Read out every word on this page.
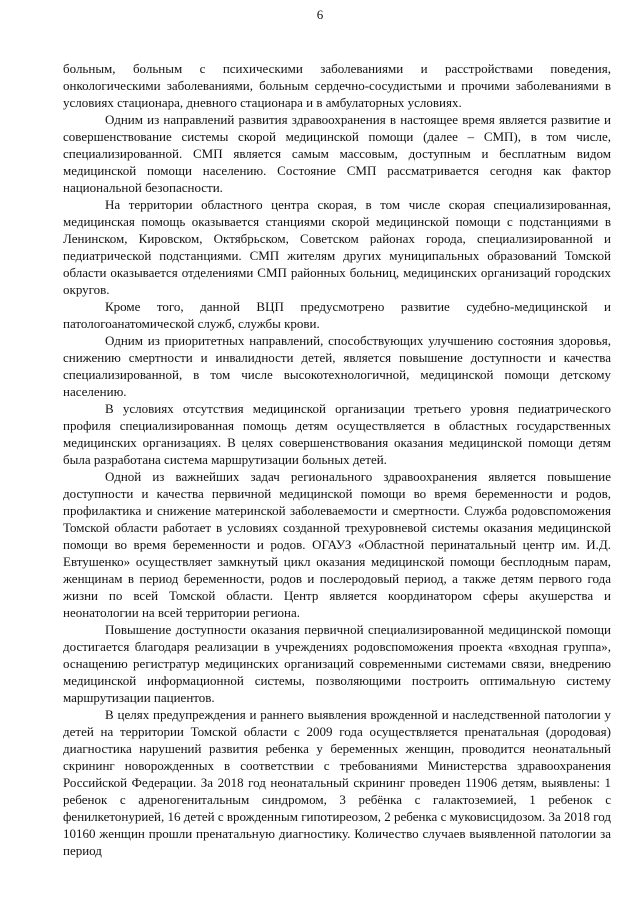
6

больным, больным с психическими заболеваниями и расстройствами поведения, онкологическими заболеваниями, больным сердечно-сосудистыми и прочими заболеваниями в условиях стационара, дневного стационара и в амбулаторных условиях.

Одним из направлений развития здравоохранения в настоящее время является развитие и совершенствование системы скорой медицинской помощи (далее – СМП), в том числе, специализированной. СМП является самым массовым, доступным и бесплатным видом медицинской помощи населению. Состояние СМП рассматривается сегодня как фактор национальной безопасности.

На территории областного центра скорая, в том числе скорая специализированная, медицинская помощь оказывается станциями скорой медицинской помощи с подстанциями в Ленинском, Кировском, Октябрьском, Советском районах города, специализированной и педиатрической подстанциями. СМП жителям других муниципальных образований Томской области оказывается отделениями СМП районных больниц, медицинских организаций городских округов.

Кроме того, данной ВЦП предусмотрено развитие судебно-медицинской и патологоанатомической служб, службы крови.

Одним из приоритетных направлений, способствующих улучшению состояния здоровья, снижению смертности и инвалидности детей, является повышение доступности и качества специализированной, в том числе высокотехнологичной, медицинской помощи детскому населению.

В условиях отсутствия медицинской организации третьего уровня педиатрического профиля специализированная помощь детям осуществляется в областных государственных медицинских организациях. В целях совершенствования оказания медицинской помощи детям была разработана система маршрутизации больных детей.

Одной из важнейших задач регионального здравоохранения является повышение доступности и качества первичной медицинской помощи во время беременности и родов, профилактика и снижение материнской заболеваемости и смертности. Служба родовспоможения Томской области работает в условиях созданной трехуровневой системы оказания медицинской помощи во время беременности и родов. ОГАУЗ «Областной перинатальный центр им. И.Д. Евтушенко» осуществляет замкнутый цикл оказания медицинской помощи бесплодным парам, женщинам в период беременности, родов и послеродовый период, а также детям первого года жизни по всей Томской области. Центр является координатором сферы акушерства и неонатологии на всей территории региона.

Повышение доступности оказания первичной специализированной медицинской помощи достигается благодаря реализации в учреждениях родовспоможения проекта «входная группа», оснащению регистратур медицинских организаций современными системами связи, внедрению медицинской информационной системы, позволяющими построить оптимальную систему маршрутизации пациентов.

В целях предупреждения и раннего выявления врожденной и наследственной патологии у детей на территории Томской области с 2009 года осуществляется пренатальная (дородовая) диагностика нарушений развития ребенка у беременных женщин, проводится неонатальный скрининг новорожденных в соответствии с требованиями Министерства здравоохранения Российской Федерации. За 2018 год неонатальный скрининг проведен 11906 детям, выявлены: 1 ребенок с адреногенитальным синдромом, 3 ребёнка с галактоземией, 1 ребенок с фенилкетонурией, 16 детей с врожденным гипотиреозом, 2 ребенка с муковисцидозом. За 2018 год 10160 женщин прошли пренатальную диагностику. Количество случаев выявленной патологии за период
